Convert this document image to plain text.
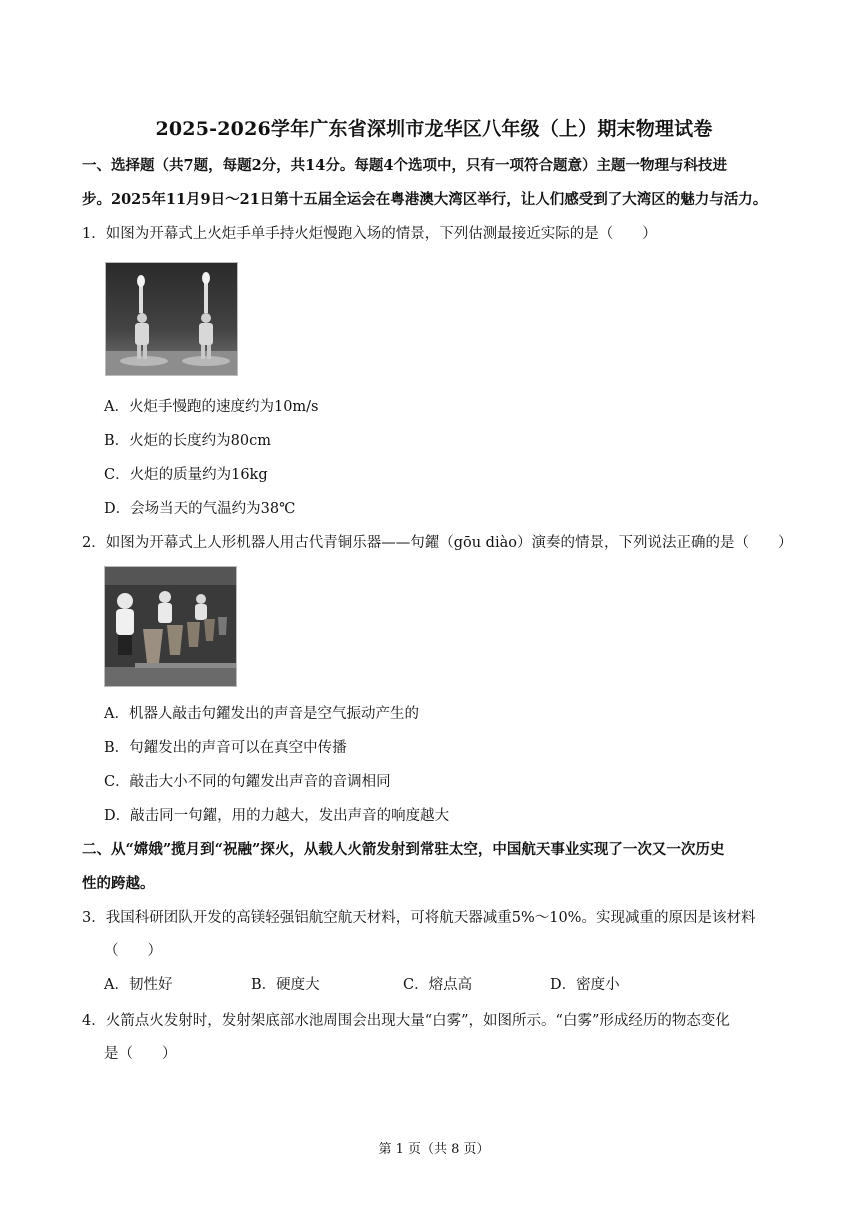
2025-2026学年广东省深圳市龙华区八年级（上）期末物理试卷
一、选择题（共7题，每题2分，共14分。每题4个选项中，只有一项符合题意）主题一物理与科技进
步。2025年11月9日～21日第十五届全运会在粤港澳大湾区举行，让人们感受到了大湾区的魅力与活力。
1．如图为开幕式上火炬手单手持火炬慢跑入场的情景，下列估测最接近实际的是（　　）
A．火炬手慢跑的速度约为10m/s
B．火炬的长度约为80cm
C．火炬的质量约为16kg
D．会场当天的气温约为38℃
2．如图为开幕式上人形机器人用古代青铜乐器——句鑃（gōu diào）演奏的情景，下列说法正确的是（　　）
A．机器人敲击句鑃发出的声音是空气振动产生的
B．句鑃发出的声音可以在真空中传播
C．敲击大小不同的句鑃发出声音的音调相同
D．敲击同一句鑃，用的力越大，发出声音的响度越大
二、从“嫦娥”揽月到“祝融”探火，从载人火箭发射到常驻太空，中国航天事业实现了一次又一次历史
性的跨越。
3．我国科研团队开发的高镁轻强铝航空航天材料，可将航天器减重5%～10%。实现减重的原因是该材料
（　　）
A．韧性好	B．硬度大	C．熔点高	D．密度小
4．火箭点火发射时，发射架底部水池周围会出现大量“白雾”，如图所示。“白雾”形成经历的物态变化
是（　　）
第 1 页（共 8 页）
